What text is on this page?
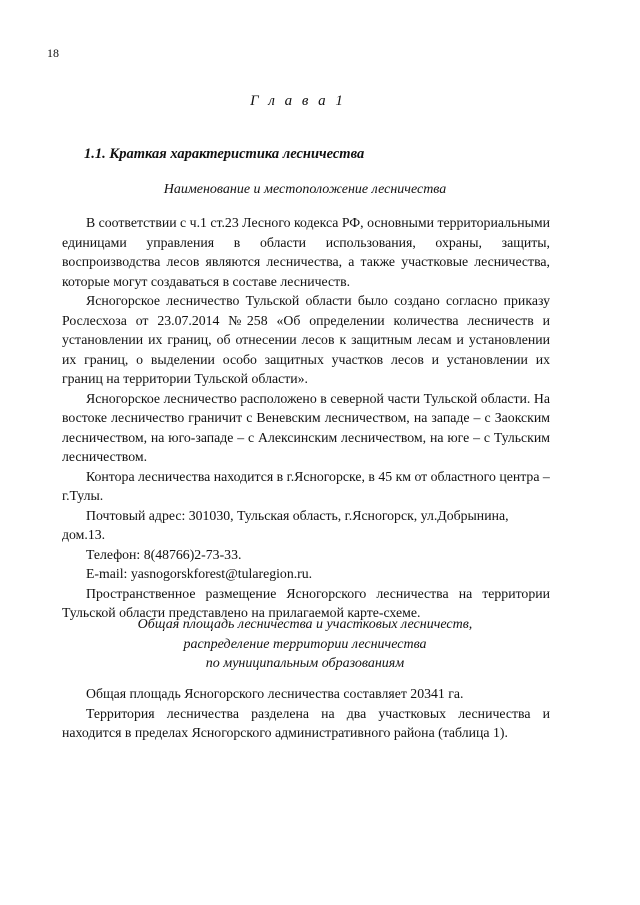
18
Г л а в а 1
1.1. Краткая характеристика лесничества
Наименование и местоположение лесничества

В соответствии с ч.1 ст.23 Лесного кодекса РФ, основными территориальными единицами управления в области использования, охраны, защиты, воспроизводства лесов являются лесничества, а также участковые лесничества, которые могут создаваться в составе лесничеств.

Ясногорское лесничество Тульской области было создано согласно приказу Рослесхоза от 23.07.2014 №258 «Об определении количества лесничеств и установлении их границ, об отнесении лесов к защитным лесам и установлении их границ, о выделении особо защитных участков лесов и установлении их границ на территории Тульской области».

Ясногорское лесничество расположено в северной части Тульской области. На востоке лесничество граничит с Веневским лесничеством, на западе – с Заокским лесничеством, на юго-западе – с Алексинским лесничеством, на юге – с Тульским лесничеством.

Контора лесничества находится в г.Ясногорске, в 45 км от областного центра – г.Тулы.

Почтовый адрес: 301030, Тульская область, г.Ясногорск, ул.Добрынина, дом.13.

Телефон: 8(48766)2-73-33.

E-mail: yasnogorskforest@tularegion.ru.

Пространственное размещение Ясногорского лесничества на территории Тульской области представлено на прилагаемой карте-схеме.

Общая площадь лесничества и участковых лесничеств,
распределение территории лесничества
по муниципальным образованиям

Общая площадь Ясногорского лесничества составляет 20341 га.

Территория лесничества разделена на два участковых лесничества и находится в пределах Ясногорского административного района (таблица 1).
